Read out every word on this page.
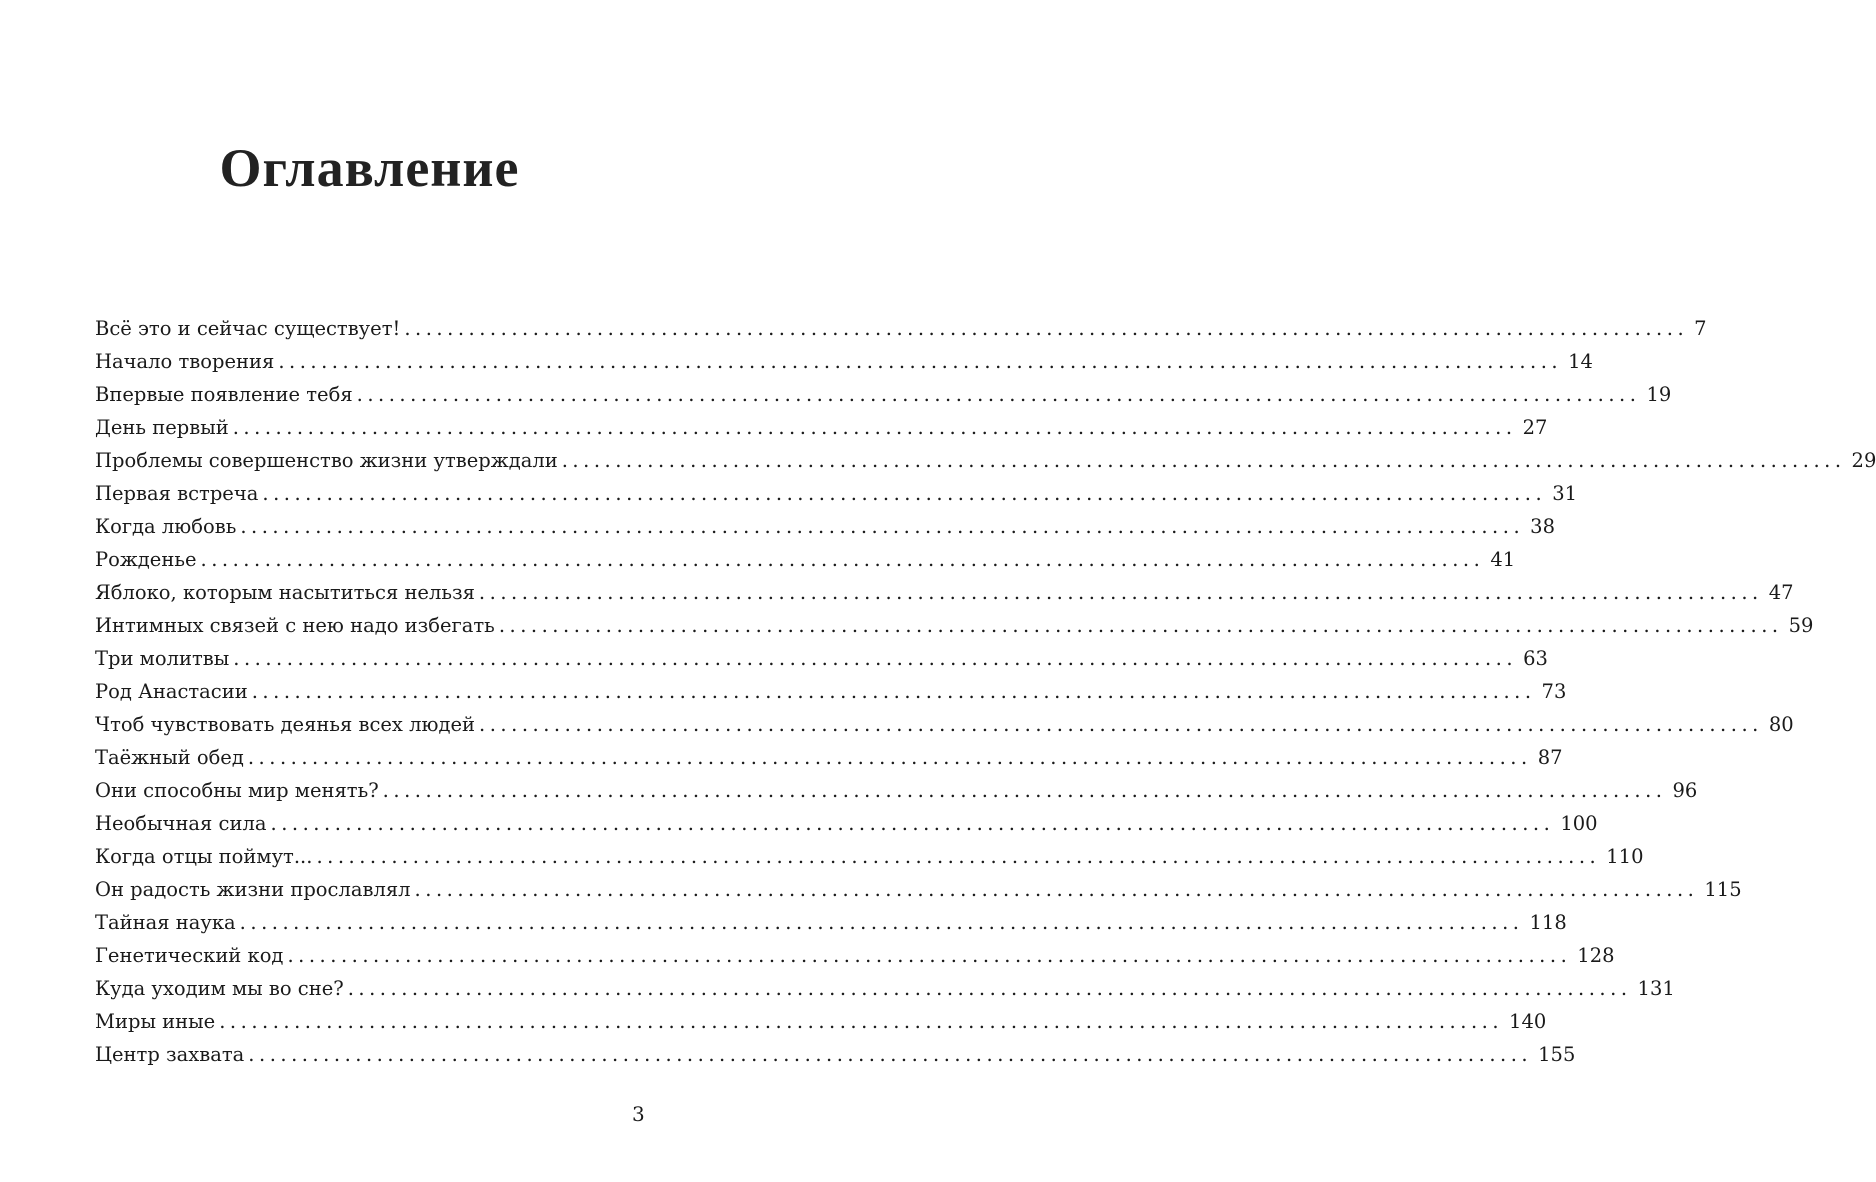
Оглавление
Всё это и сейчас существует! ........................................................................................................................ 7
Начало творения ........................................................................................................................ 14
Впервые появление тебя ........................................................................................................................ 19
День первый ........................................................................................................................ 27
Проблемы совершенство жизни утверждали ........................................................................................................................ 29
Первая встреча ........................................................................................................................ 31
Когда любовь ........................................................................................................................ 38
Рожденье ........................................................................................................................ 41
Яблоко, которым насытиться нельзя ........................................................................................................................ 47
Интимных связей с нею надо избегать ........................................................................................................................ 59
Три молитвы ........................................................................................................................ 63
Род Анастасии ........................................................................................................................ 73
Чтоб чувствовать деянья всех людей ........................................................................................................................ 80
Таёжный обед ........................................................................................................................ 87
Они способны мир менять? ........................................................................................................................ 96
Необычная сила ........................................................................................................................ 100
Когда отцы поймут... ........................................................................................................................ 110
Он радость жизни прославлял ........................................................................................................................ 115
Тайная наука ........................................................................................................................ 118
Генетический код ........................................................................................................................ 128
Куда уходим мы во сне? ........................................................................................................................ 131
Миры иные ........................................................................................................................ 140
Центр захвата ........................................................................................................................ 155
3
